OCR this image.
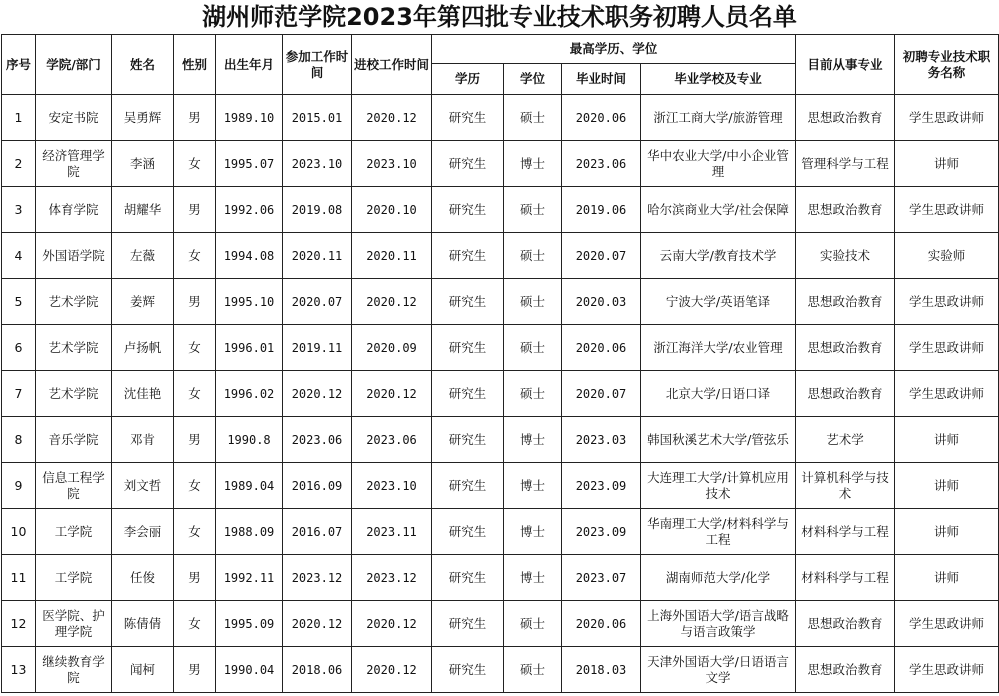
湖州师范学院2023年第四批专业技术职务初聘人员名单
序号	学院/部门	姓名	性别	出生年月	参加工作时间	进校工作时间	最高学历、学位				目前从事专业	初聘专业技术职务名称
							学历	学位	毕业时间	毕业学校及专业		
1	安定书院	吴勇辉	男	1989.10	2015.01	2020.12	研究生	硕士	2020.06	浙江工商大学/旅游管理	思想政治教育	学生思政讲师
2	经济管理学院	李涵	女	1995.07	2023.10	2023.10	研究生	博士	2023.06	华中农业大学/中小企业管理	管理科学与工程	讲师
3	体育学院	胡耀华	男	1992.06	2019.08	2020.10	研究生	硕士	2019.06	哈尔滨商业大学/社会保障	思想政治教育	学生思政讲师
4	外国语学院	左薇	女	1994.08	2020.11	2020.11	研究生	硕士	2020.07	云南大学/教育技术学	实验技术	实验师
5	艺术学院	姜辉	男	1995.10	2020.07	2020.12	研究生	硕士	2020.03	宁波大学/英语笔译	思想政治教育	学生思政讲师
6	艺术学院	卢扬帆	女	1996.01	2019.11	2020.09	研究生	硕士	2020.06	浙江海洋大学/农业管理	思想政治教育	学生思政讲师
7	艺术学院	沈佳艳	女	1996.02	2020.12	2020.12	研究生	硕士	2020.07	北京大学/日语口译	思想政治教育	学生思政讲师
8	音乐学院	邓肯	男	1990.8	2023.06	2023.06	研究生	博士	2023.03	韩国秋溪艺术大学/管弦乐	艺术学	讲师
9	信息工程学院	刘文哲	女	1989.04	2016.09	2023.10	研究生	博士	2023.09	大连理工大学/计算机应用技术	计算机科学与技术	讲师
10	工学院	李会丽	女	1988.09	2016.07	2023.11	研究生	博士	2023.09	华南理工大学/材料科学与工程	材料科学与工程	讲师
11	工学院	任俊	男	1992.11	2023.12	2023.12	研究生	博士	2023.07	湖南师范大学/化学	材料科学与工程	讲师
12	医学院、护理学院	陈倩倩	女	1995.09	2020.12	2020.12	研究生	硕士	2020.06	上海外国语大学/语言战略与语言政策学	思想政治教育	学生思政讲师
13	继续教育学院	闻柯	男	1990.04	2018.06	2020.12	研究生	硕士	2018.03	天津外国语大学/日语语言文学	思想政治教育	学生思政讲师
